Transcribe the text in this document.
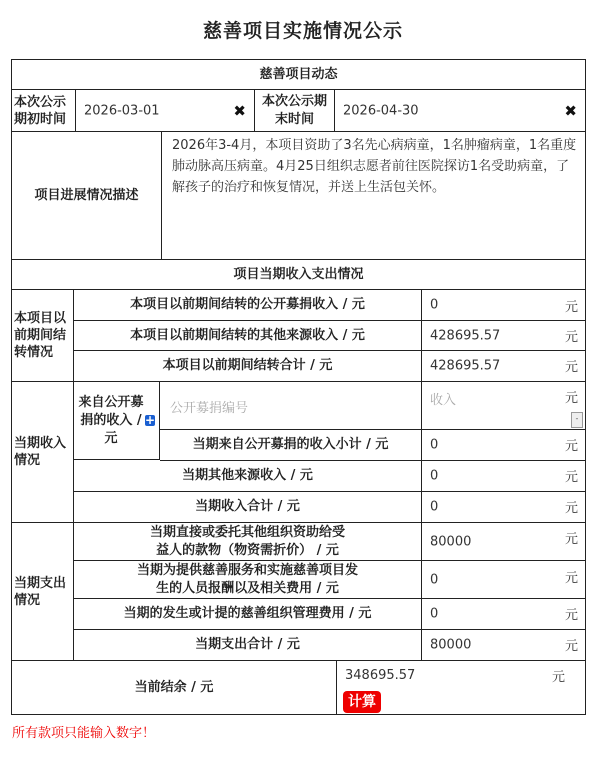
慈善项目实施情况公示
慈善项目动态
本次公示期初时间
2026-03-01	✖
本次公示期末时间
2026-04-30	✖
项目进展情况描述
2026年3-4月，本项目资助了3名先心病病童，1名肿瘤病童，1名重度肺动脉高压病童。4月25日组织志愿者前往医院探访1名受助病童，了解孩子的治疗和恢复情况，并送上生活包关怀。
项目当期收入支出情况
本项目以前期间结转情况
本项目以前期间结转的公开募捐收入 / 元	0	元
本项目以前期间结转的其他来源收入 / 元	428695.57	元
本项目以前期间结转合计 / 元	428695.57	元
当期收入情况
来自公开募捐的收入 / 元
+
公开募捐编号
收入	元
-
当期来自公开募捐的收入小计 / 元	0	元
当期其他来源收入 / 元	0	元
当期收入合计 / 元	0	元
当期支出情况
当期直接或委托其他组织资助给受益人的款物（物资需折价） / 元
80000	元
当期为提供慈善服务和实施慈善项目发生的人员报酬以及相关费用 / 元
0	元
当期的发生或计提的慈善组织管理费用 / 元	0	元
当期支出合计 / 元	80000	元
当前结余 / 元
348695.57	元
计算
所有款项只能输入数字！
